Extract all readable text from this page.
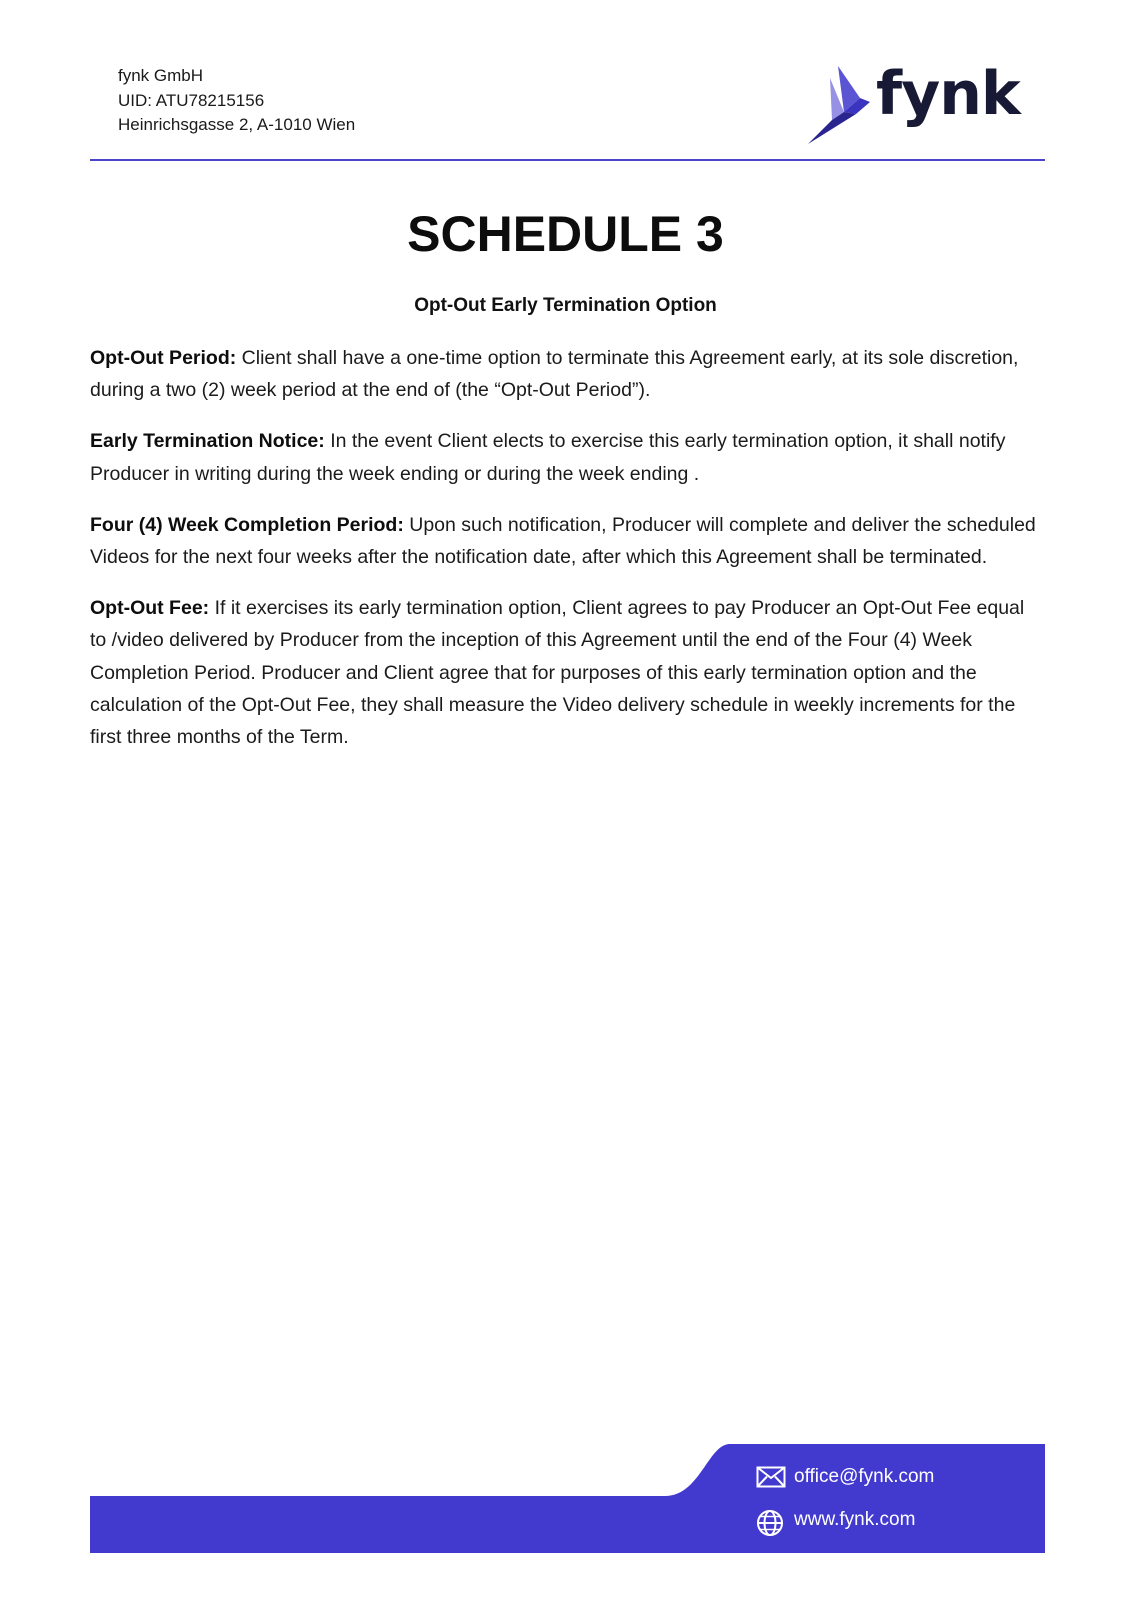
fynk GmbH
UID: ATU78215156
Heinrichsgasse 2, A-1010 Wien	fynk
SCHEDULE 3
Opt-Out Early Termination Option

Opt-Out Period: Client shall have a one-time option to terminate this Agreement early, at its sole discretion, during a two (2) week period at the end of (the “Opt-Out Period”).

Early Termination Notice: In the event Client elects to exercise this early termination option, it shall notify Producer in writing during the week ending or during the week ending .

Four (4) Week Completion Period: Upon such notification, Producer will complete and deliver the scheduled Videos for the next four weeks after the notification date, after which this Agreement shall be terminated.

Opt-Out Fee: If it exercises its early termination option, Client agrees to pay Producer an Opt-Out Fee equal to /video delivered by Producer from the inception of this Agreement until the end of the Four (4) Week Completion Period. Producer and Client agree that for purposes of this early termination option and the calculation of the Opt-Out Fee, they shall measure the Video delivery schedule in weekly increments for the first three months of the Term.

office@fynk.com
www.fynk.com
